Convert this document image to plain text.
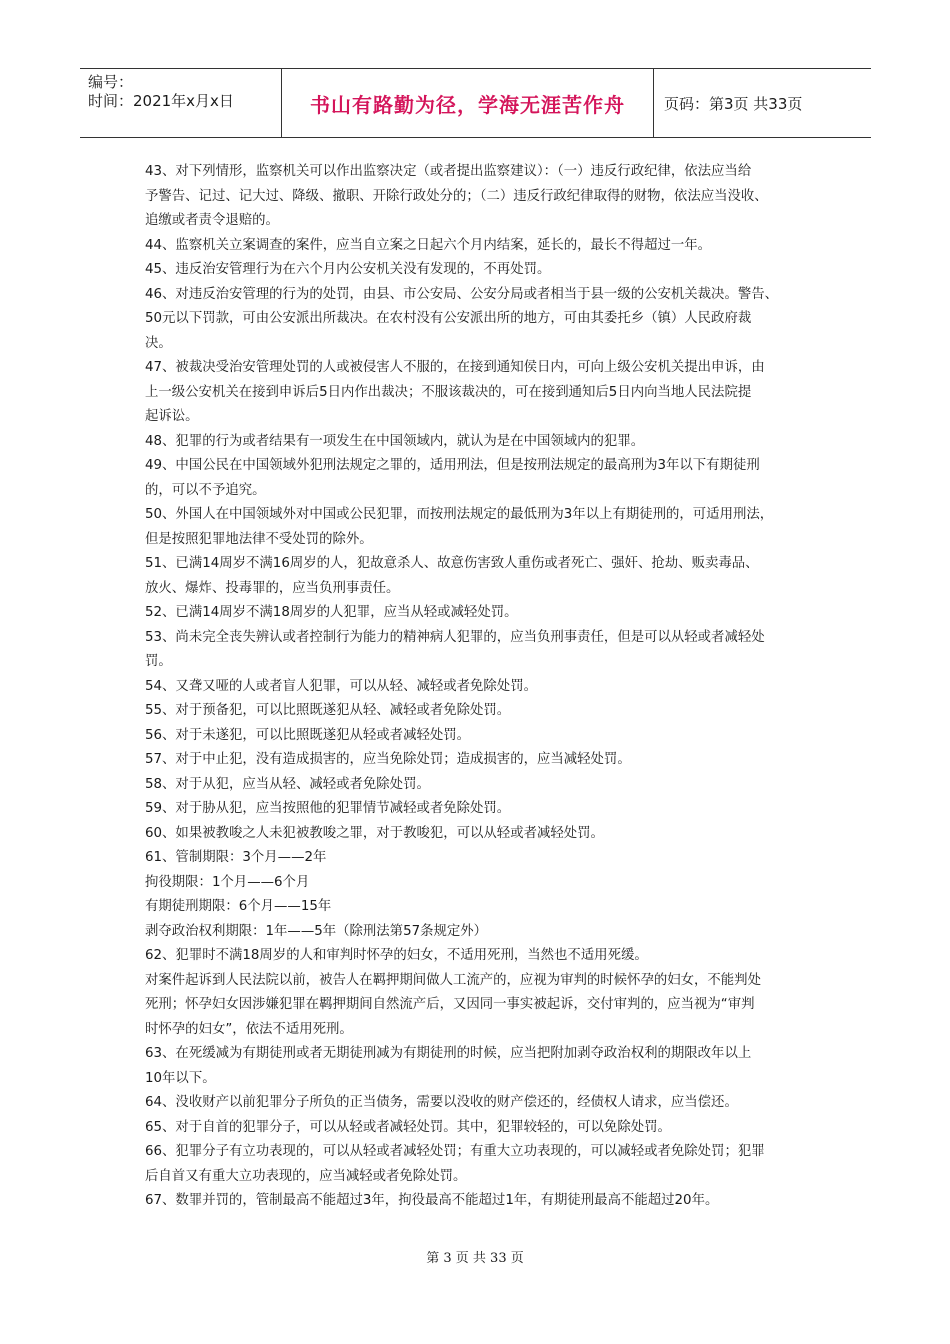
编号：
时间：2021年x月x日	书山有路勤为径，学海无涯苦作舟	页码：第3页 共33页
43、对下列情形，监察机关可以作出监察决定（或者提出监察建议）：（一）违反行政纪律，依法应当给
予警告、记过、记大过、降级、撤职、开除行政处分的；（二）违反行政纪律取得的财物，依法应当没收、
追缴或者责令退赔的。
44、监察机关立案调查的案件，应当自立案之日起六个月内结案，延长的，最长不得超过一年。
45、违反治安管理行为在六个月内公安机关没有发现的，不再处罚。
46、对违反治安管理的行为的处罚，由县、市公安局、公安分局或者相当于县一级的公安机关裁决。警告、
50元以下罚款，可由公安派出所裁决。在农村没有公安派出所的地方，可由其委托乡（镇）人民政府裁
决。
47、被裁决受治安管理处罚的人或被侵害人不服的，在接到通知侯日内，可向上级公安机关提出申诉，由
上一级公安机关在接到申诉后5日内作出裁决；不服该裁决的，可在接到通知后5日内向当地人民法院提
起诉讼。
48、犯罪的行为或者结果有一项发生在中国领域内，就认为是在中国领域内的犯罪。
49、中国公民在中国领域外犯刑法规定之罪的，适用刑法，但是按刑法规定的最高刑为3年以下有期徒刑
的，可以不予追究。
50、外国人在中国领域外对中国或公民犯罪，而按刑法规定的最低刑为3年以上有期徒刑的，可适用刑法，
但是按照犯罪地法律不受处罚的除外。
51、已满14周岁不满16周岁的人，犯故意杀人、故意伤害致人重伤或者死亡、强奸、抢劫、贩卖毒品、
放火、爆炸、投毒罪的，应当负刑事责任。
52、已满14周岁不满18周岁的人犯罪，应当从轻或减轻处罚。
53、尚未完全丧失辨认或者控制行为能力的精神病人犯罪的，应当负刑事责任，但是可以从轻或者减轻处
罚。
54、又聋又哑的人或者盲人犯罪，可以从轻、减轻或者免除处罚。
55、对于预备犯，可以比照既遂犯从轻、减轻或者免除处罚。
56、对于未遂犯，可以比照既遂犯从轻或者减轻处罚。
57、对于中止犯，没有造成损害的，应当免除处罚；造成损害的，应当减轻处罚。
58、对于从犯，应当从轻、减轻或者免除处罚。
59、对于胁从犯，应当按照他的犯罪情节减轻或者免除处罚。
60、如果被教唆之人未犯被教唆之罪，对于教唆犯，可以从轻或者减轻处罚。
61、管制期限：3个月——2年
拘役期限：1个月——6个月
有期徒刑期限：6个月——15年
剥夺政治权利期限：1年——5年（除刑法第57条规定外）
62、犯罪时不满18周岁的人和审判时怀孕的妇女，不适用死刑，当然也不适用死缓。
对案件起诉到人民法院以前，被告人在羁押期间做人工流产的，应视为审判的时候怀孕的妇女，不能判处
死刑；怀孕妇女因涉嫌犯罪在羁押期间自然流产后，又因同一事实被起诉，交付审判的，应当视为“审判
时怀孕的妇女”，依法不适用死刑。
63、在死缓减为有期徒刑或者无期徒刑减为有期徒刑的时候，应当把附加剥夺政治权利的期限改年以上
10年以下。
64、没收财产以前犯罪分子所负的正当债务，需要以没收的财产偿还的，经债权人请求，应当偿还。
65、对于自首的犯罪分子，可以从轻或者减轻处罚。其中，犯罪较轻的，可以免除处罚。
66、犯罪分子有立功表现的，可以从轻或者减轻处罚；有重大立功表现的，可以减轻或者免除处罚；犯罪
后自首又有重大立功表现的，应当减轻或者免除处罚。
67、数罪并罚的，管制最高不能超过3年，拘役最高不能超过1年，有期徒刑最高不能超过20年。
第 3 页 共 33 页
